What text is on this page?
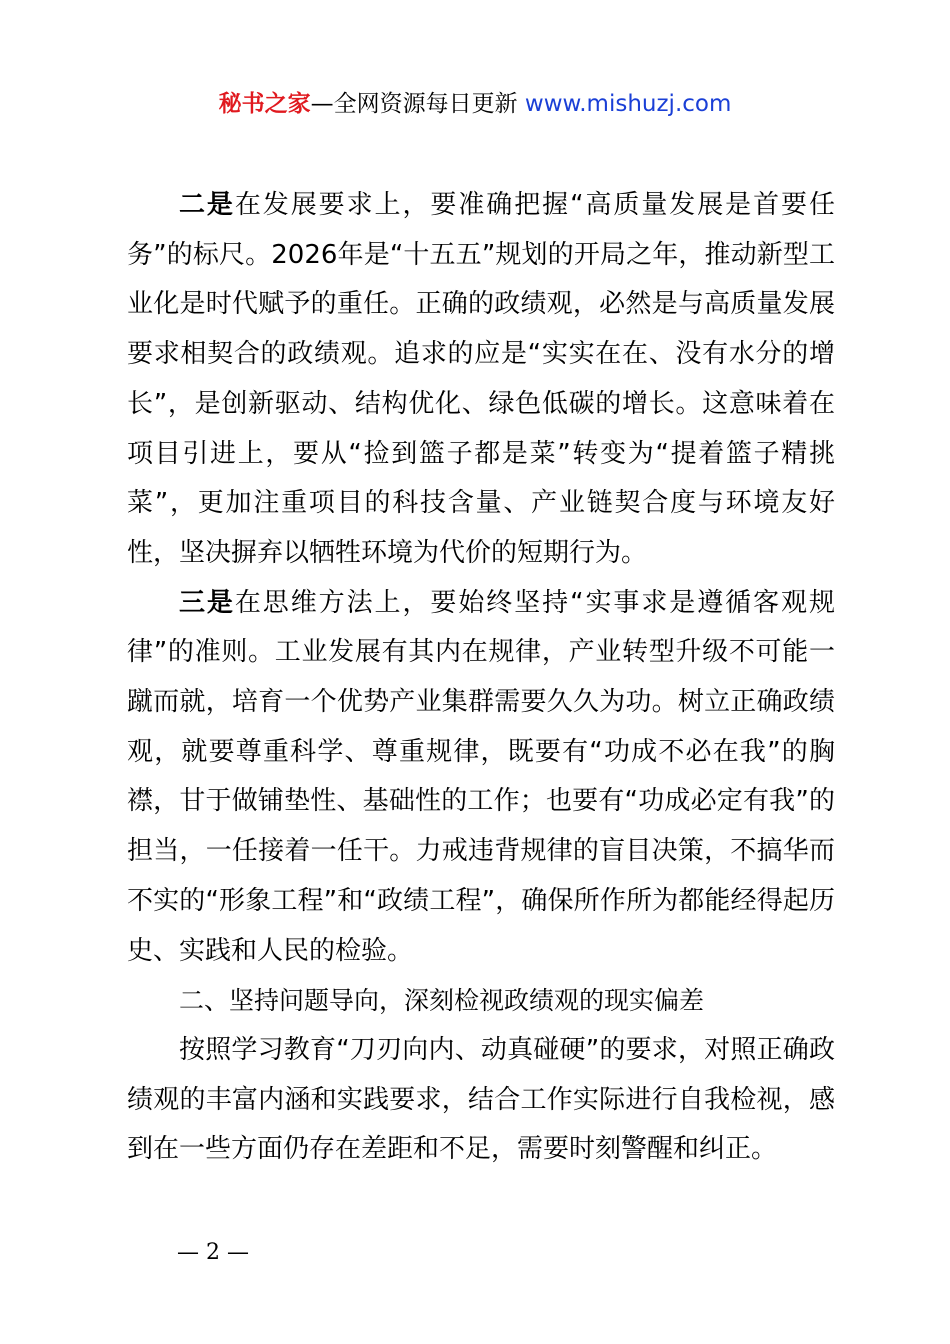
秘书之家—全网资源每日更新 www.mishuzj.com

二是在发展要求上，要准确把握“高质量发展是首要任务”的标尺。2026年是“十五五”规划的开局之年，推动新型工业化是时代赋予的重任。正确的政绩观，必然是与高质量发展要求相契合的政绩观。追求的应是“实实在在、没有水分的增长”，是创新驱动、结构优化、绿色低碳的增长。这意味着在项目引进上，要从“捡到篮子都是菜”转变为“提着篮子精挑菜”，更加注重项目的科技含量、产业链契合度与环境友好性，坚决摒弃以牺牲环境为代价的短期行为。

三是在思维方法上，要始终坚持“实事求是遵循客观规律”的准则。工业发展有其内在规律，产业转型升级不可能一蹴而就，培育一个优势产业集群需要久久为功。树立正确政绩观，就要尊重科学、尊重规律，既要有“功成不必在我”的胸襟，甘于做铺垫性、基础性的工作；也要有“功成必定有我”的担当，一任接着一任干。力戒违背规律的盲目决策，不搞华而不实的“形象工程”和“政绩工程”，确保所作所为都能经得起历史、实践和人民的检验。

二、坚持问题导向，深刻检视政绩观的现实偏差

按照学习教育“刀刃向内、动真碰硬”的要求，对照正确政绩观的丰富内涵和实践要求，结合工作实际进行自我检视，感到在一些方面仍存在差距和不足，需要时刻警醒和纠正。

— 2 —
